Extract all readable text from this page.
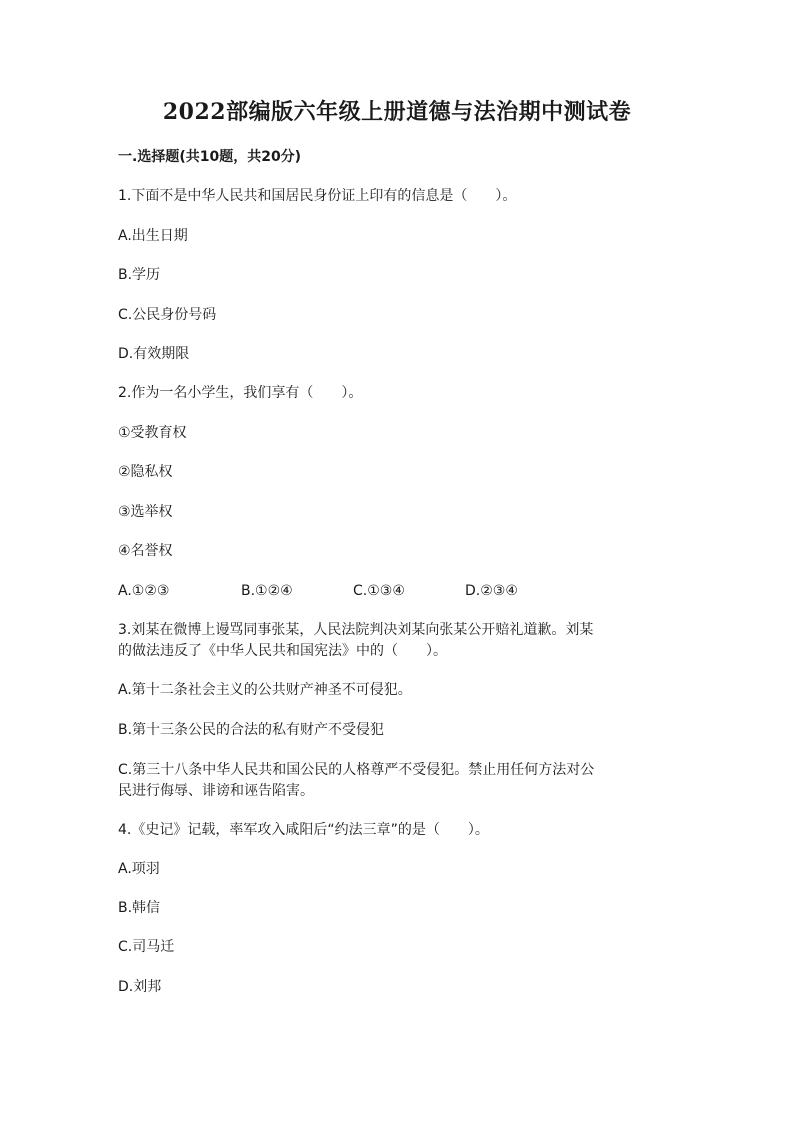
2022部编版六年级上册道德与法治期中测试卷

一.选择题(共10题，共20分)

1.下面不是中华人民共和国居民身份证上印有的信息是（　　）。

A.出生日期

B.学历

C.公民身份号码

D.有效期限

2.作为一名小学生，我们享有（　　）。

①受教育权

②隐私权

③选举权

④名誉权

A.①②③	B.①②④	C.①③④	D.②③④

3.刘某在微博上谩骂同事张某，人民法院判决刘某向张某公开赔礼道歉。刘某

的做法违反了《中华人民共和国宪法》中的（　　）。

A.第十二条社会主义的公共财产神圣不可侵犯。

B.第十三条公民的合法的私有财产不受侵犯

C.第三十八条中华人民共和国公民的人格尊严不受侵犯。禁止用任何方法对公

民进行侮辱、诽谤和诬告陷害。

4.《史记》记载，率军攻入咸阳后“约法三章”的是（　　）。

A.项羽

B.韩信

C.司马迁

D.刘邦
